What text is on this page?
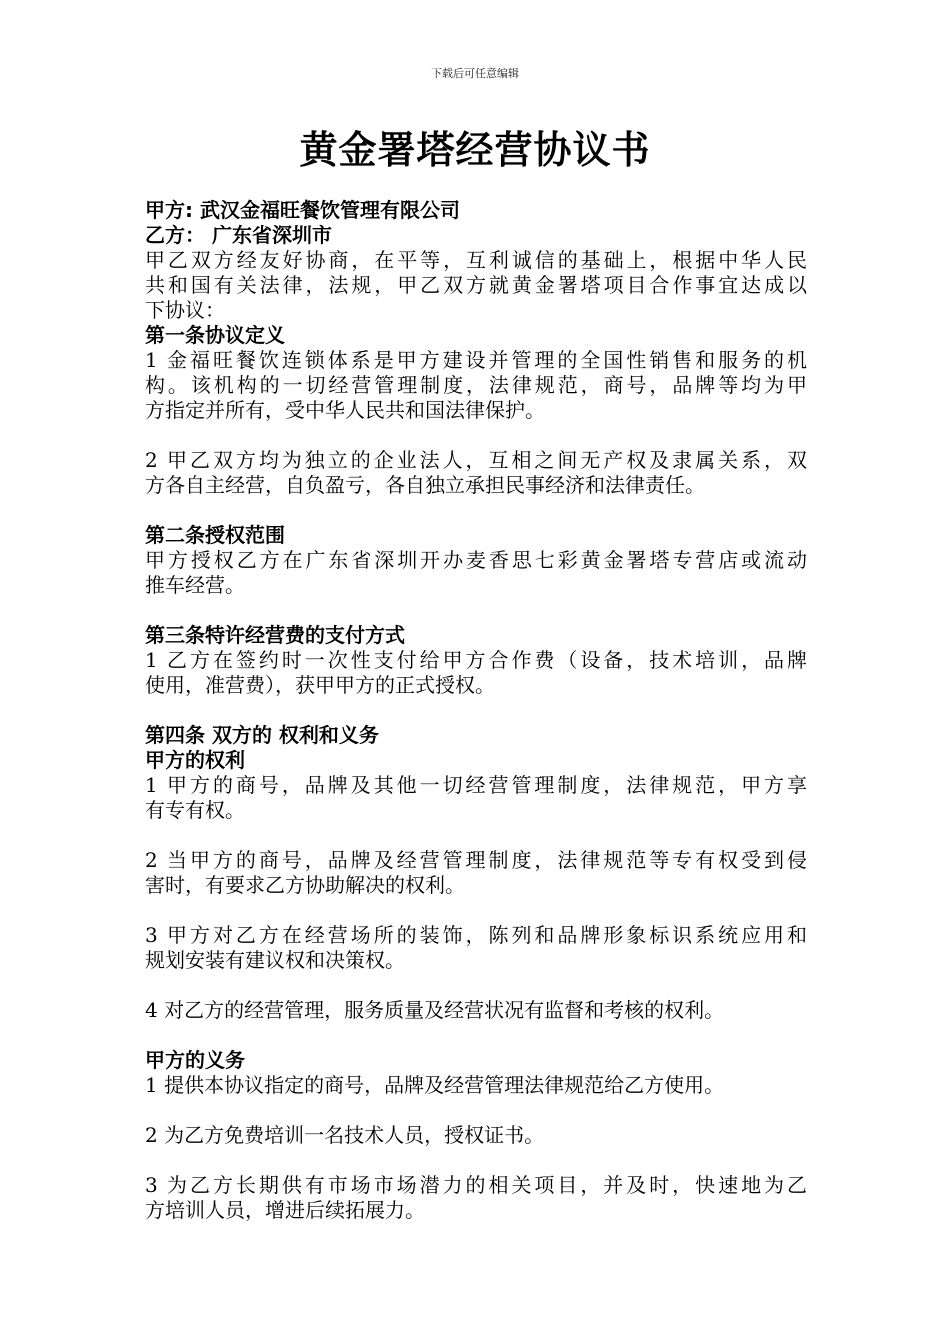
下载后可任意编辑
黄金署塔经营协议书
甲方: 武汉金福旺餐饮管理有限公司
乙方： 广东省深圳市
甲乙双方经友好协商，在平等，互利诚信的基础上，根据中华人民
共和国有关法律，法规，甲乙双方就黄金署塔项目合作事宜达成以
下协议：
第一条协议定义
1 金福旺餐饮连锁体系是甲方建设并管理的全国性销售和服务的机
构。该机构的一切经营管理制度，法律规范，商号，品牌等均为甲
方指定并所有，受中华人民共和国法律保护。
2 甲乙双方均为独立的企业法人，互相之间无产权及隶属关系，双
方各自主经营，自负盈亏，各自独立承担民事经济和法律责任。
第二条授权范围
甲方授权乙方在广东省深圳开办麦香思七彩黄金署塔专营店或流动
推车经营。
第三条特许经营费的支付方式
1 乙方在签约时一次性支付给甲方合作费（设备，技术培训，品牌
使用，准营费），获甲甲方的正式授权。
第四条 双方的 权利和义务
甲方的权利
1 甲方的商号，品牌及其他一切经营管理制度，法律规范，甲方享
有专有权。
2 当甲方的商号，品牌及经营管理制度，法律规范等专有权受到侵
害时，有要求乙方协助解决的权利。
3 甲方对乙方在经营场所的装饰，陈列和品牌形象标识系统应用和
规划安装有建议权和决策权。
4 对乙方的经营管理，服务质量及经营状况有监督和考核的权利。
甲方的义务
1 提供本协议指定的商号，品牌及经营管理法律规范给乙方使用。
2 为乙方免费培训一名技术人员，授权证书。
3 为乙方长期供有市场市场潜力的相关项目，并及时，快速地为乙
方培训人员，增进后续拓展力。
